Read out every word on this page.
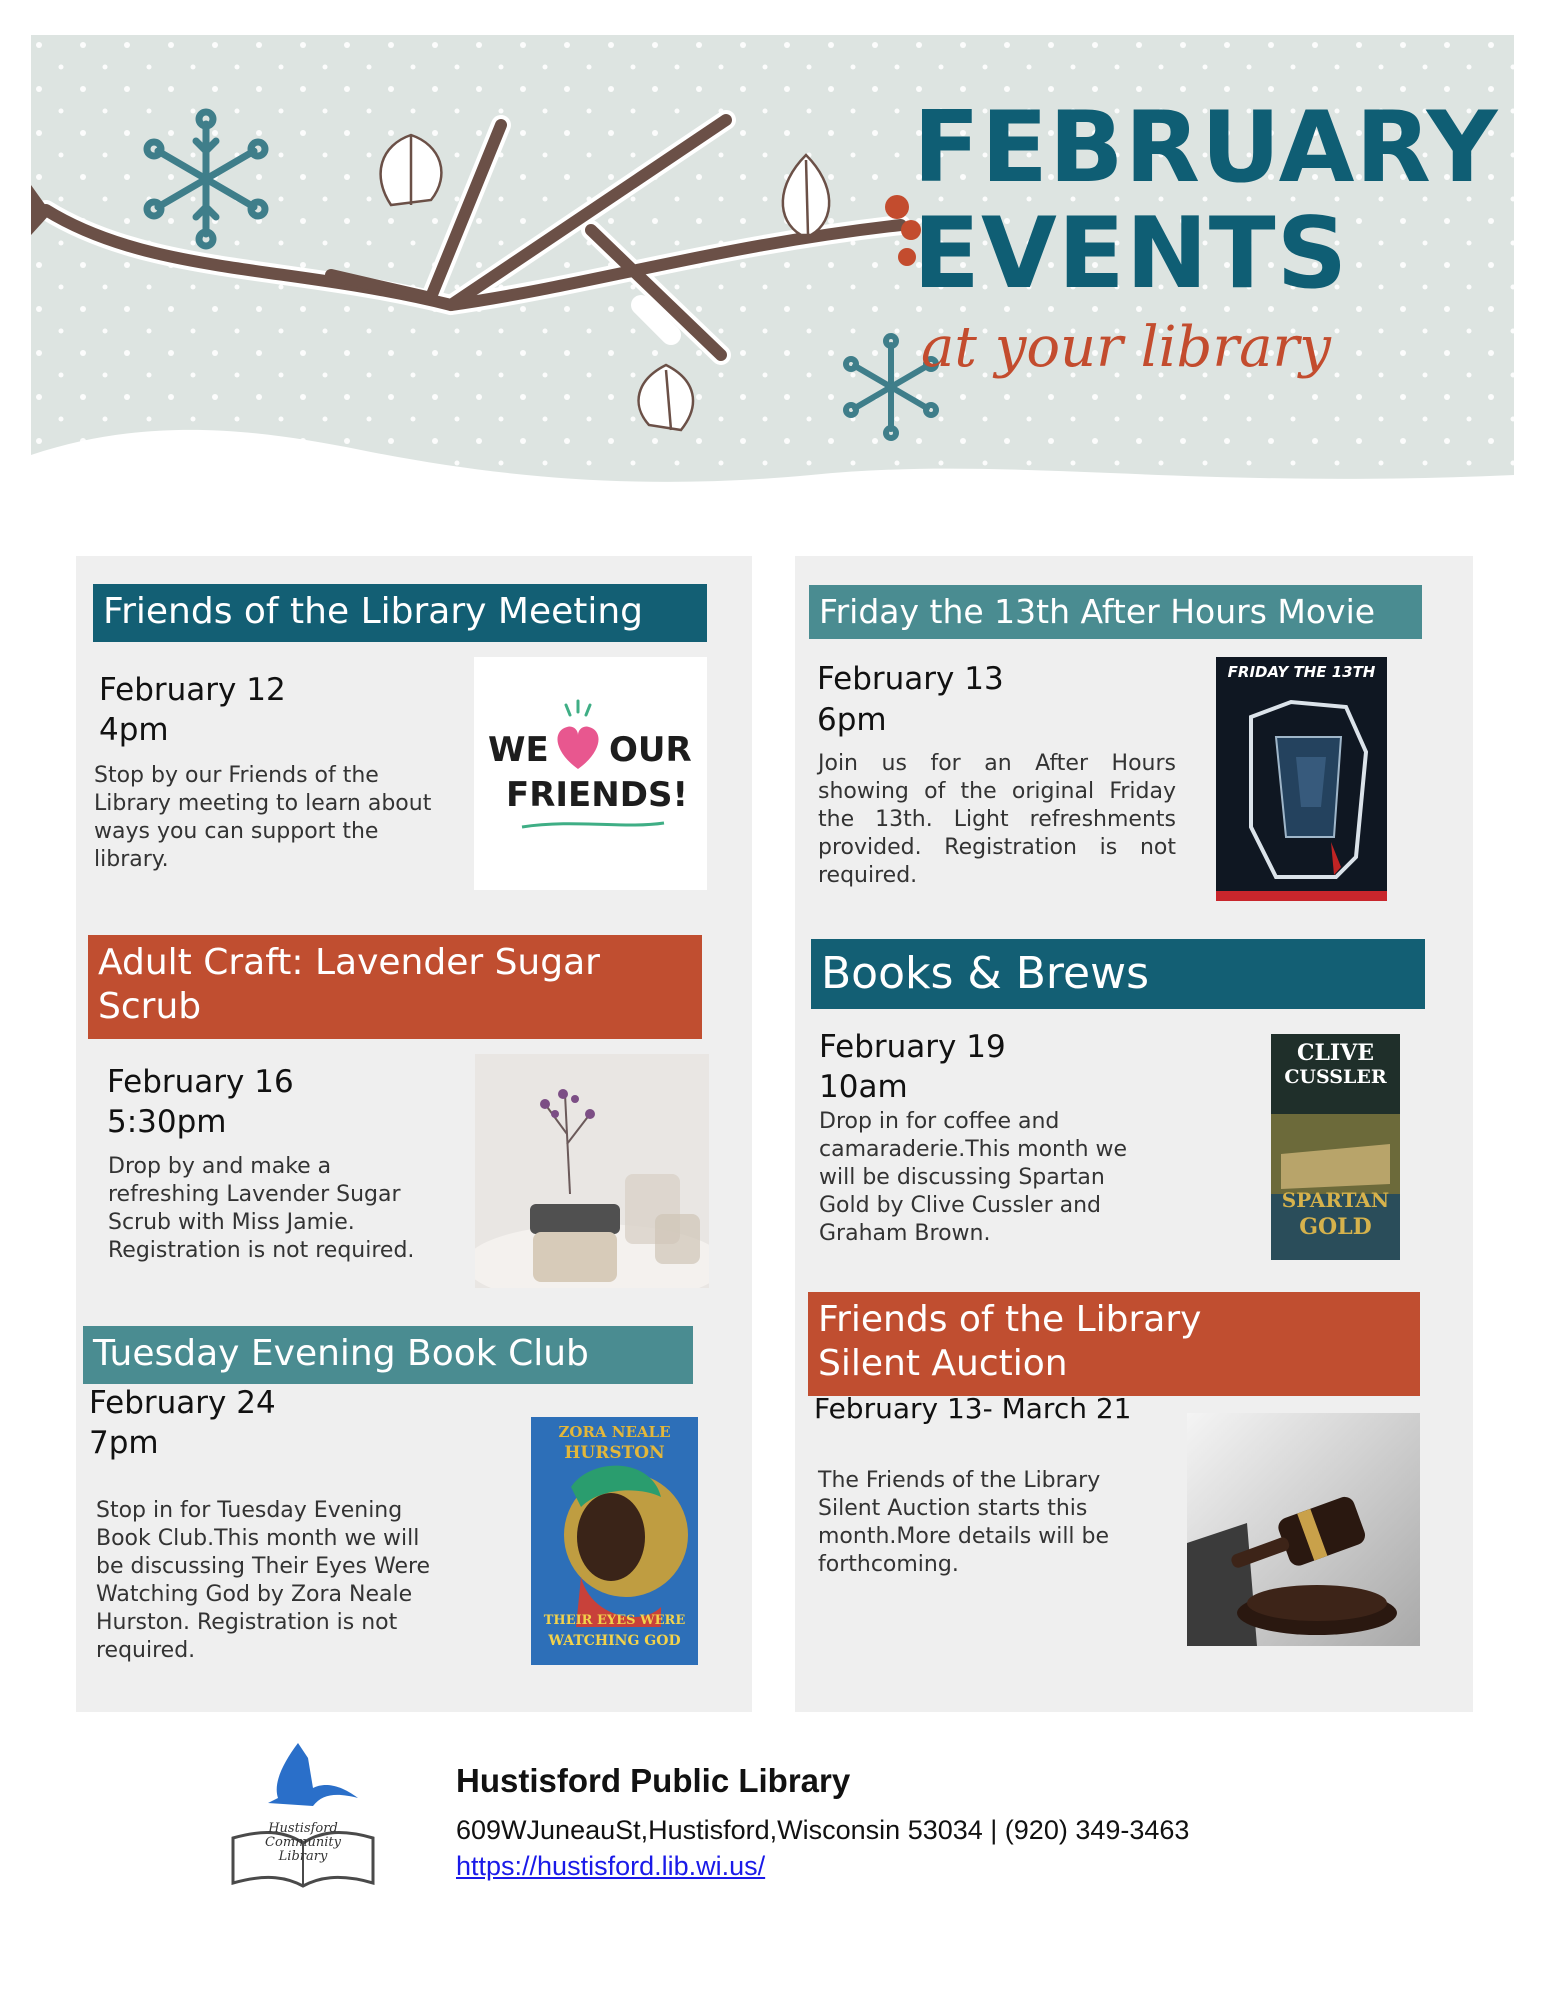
FEBRUARY
EVENTS
at your library
Friends of the Library Meeting
February 12
4pm
Stop by our Friends of the Library meeting to learn about ways you can support the library.
WE OUR
FRIENDS!
Adult Craft: Lavender Sugar
Scrub
February 16
5:30pm
Drop by and make a refreshing Lavender Sugar Scrub with Miss Jamie. Registration is not required.
Tuesday Evening Book Club
February 24
7pm
Stop in for Tuesday Evening Book Club.This month we will be discussing Their Eyes Were Watching God by Zora Neale Hurston. Registration is not required.
ZORA NEALE
HURSTON
THEIR EYES WERE
WATCHING GOD
Friday the 13th After Hours Movie
February 13
6pm
Join us for an After Hours showing of the original Friday the 13th. Light refreshments provided. Registration is not required.
FRIDAY THE 13TH
Books & Brews
February 19
10am
Drop in for coffee and camaraderie.This month we will be discussing Spartan Gold by Clive Cussler and Graham Brown.
CLIVE
CUSSLER
SPARTAN
GOLD
Friends of the Library
Silent Auction
February 13- March 21
The Friends of the Library Silent Auction starts this month.More details will be forthcoming.
Hustisford
Community
Library
Hustisford Public Library
609WJuneauSt,Hustisford,Wisconsin 53034 | (920) 349-3463
https://hustisford.lib.wi.us/
